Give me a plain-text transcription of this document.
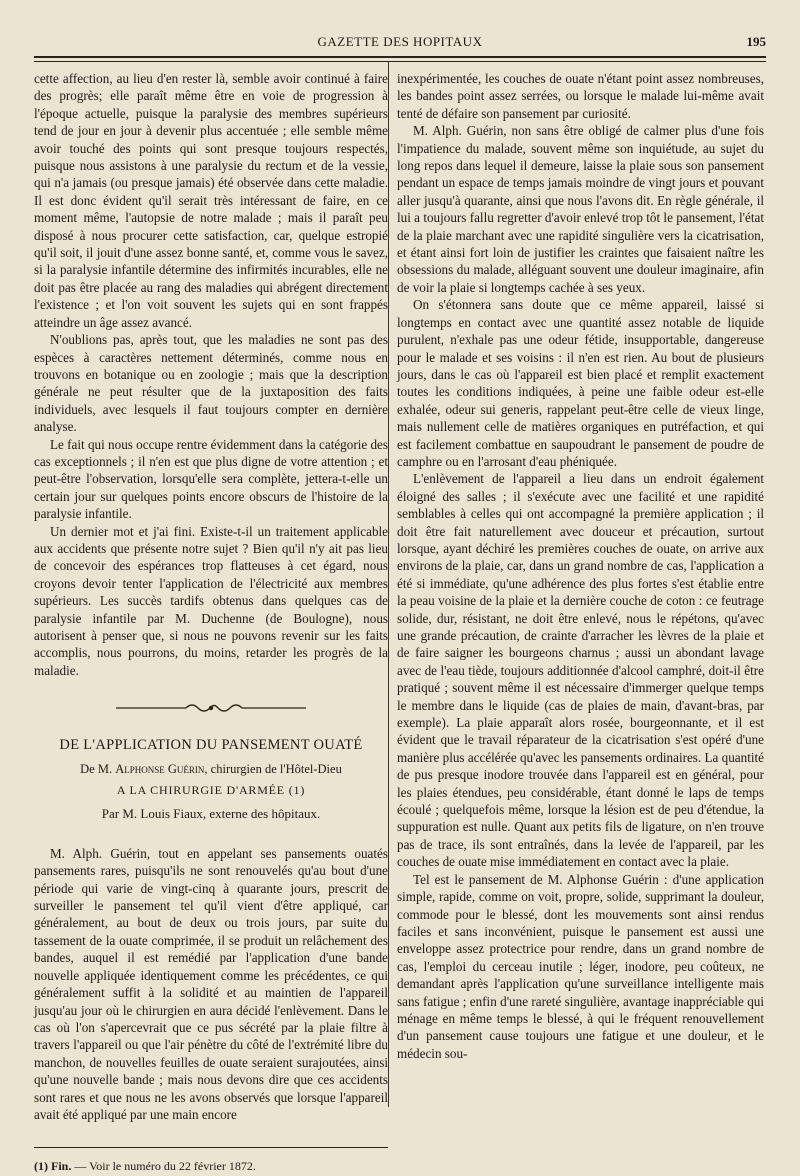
GAZETTE DES HOPITAUX	195

cette affection, au lieu d'en rester là, semble avoir continué à faire des progrès; elle paraît même être en voie de progression à l'époque actuelle, puisque la paralysie des membres supérieurs tend de jour en jour à devenir plus accentuée ; elle semble même avoir touché des points qui sont presque toujours respectés, puisque nous assistons à une paralysie du rectum et de la vessie, qui n'a jamais (ou presque jamais) été observée dans cette maladie. Il est donc évident qu'il serait très intéressant de faire, en ce moment même, l'autopsie de notre malade ; mais il paraît peu disposé à nous procurer cette satisfaction, car, quelque estropié qu'il soit, il jouit d'une assez bonne santé, et, comme vous le savez, si la paralysie infantile détermine des infirmités incurables, elle ne doit pas être placée au rang des maladies qui abrégent directement l'existence ; et l'on voit souvent les sujets qui en sont frappés atteindre un âge assez avancé.

N'oublions pas, après tout, que les maladies ne sont pas des espèces à caractères nettement déterminés, comme nous en trouvons en botanique ou en zoologie ; mais que la description générale ne peut résulter que de la juxtaposition des faits individuels, avec lesquels il faut toujours compter en dernière analyse.

Le fait qui nous occupe rentre évidemment dans la catégorie des cas exceptionnels ; il n'en est que plus digne de votre attention ; et peut-être l'observation, lorsqu'elle sera complète, jettera-t-elle un certain jour sur quelques points encore obscurs de l'histoire de la paralysie infantile.

Un dernier mot et j'ai fini. Existe-t-il un traitement applicable aux accidents que présente notre sujet ? Bien qu'il n'y ait pas lieu de concevoir des espérances trop flatteuses à cet égard, nous croyons devoir tenter l'application de l'électricité aux membres supérieurs. Les succès tardifs obtenus dans quelques cas de paralysie infantile par M. Duchenne (de Boulogne), nous autorisent à penser que, si nous ne pouvons revenir sur les faits accomplis, nous pourrons, du moins, retarder les progrès de la maladie.

DE L'APPLICATION DU PANSEMENT OUATÉ
De M. Alphonse Guérin, chirurgien de l'Hôtel-Dieu
A LA CHIRURGIE D'ARMÉE (1)
Par M. Louis Fiaux, externe des hôpitaux.

M. Alph. Guérin, tout en appelant ses pansements ouatés pansements rares, puisqu'ils ne sont renouvelés qu'au bout d'une période qui varie de vingt-cinq à quarante jours, prescrit de surveiller le pansement tel qu'il vient d'être appliqué, car généralement, au bout de deux ou trois jours, par suite du tassement de la ouate comprimée, il se produit un relâchement des bandes, auquel il est remédié par l'application d'une bande nouvelle appliquée identiquement comme les précédentes, ce qui généralement suffit à la solidité et au maintien de l'appareil jusqu'au jour où le chirurgien en aura décidé l'enlèvement. Dans le cas où l'on s'apercevrait que ce pus sécrété par la plaie filtre à travers l'appareil ou que l'air pénètre du côté de l'extrémité libre du manchon, de nouvelles feuilles de ouate seraient surajoutées, ainsi qu'une nouvelle bande ; mais nous devons dire que ces accidents sont rares et que nous ne les avons observés que lorsque l'appareil avait été appliqué par une main encore

(1) Fin. — Voir le numéro du 22 février 1872.

inexpérimentée, les couches de ouate n'étant point assez nombreuses, les bandes point assez serrées, ou lorsque le malade lui-même avait tenté de défaire son pansement par curiosité.

M. Alph. Guérin, non sans être obligé de calmer plus d'une fois l'impatience du malade, souvent même son inquiétude, au sujet du long repos dans lequel il demeure, laisse la plaie sous son pansement pendant un espace de temps jamais moindre de vingt jours et pouvant aller jusqu'à quarante, ainsi que nous l'avons dit. En règle générale, il lui a toujours fallu regretter d'avoir enlevé trop tôt le pansement, l'état de la plaie marchant avec une rapidité singulière vers la cicatrisation, et étant ainsi fort loin de justifier les craintes que faisaient naître les obsessions du malade, alléguant souvent une douleur imaginaire, afin de voir la plaie si longtemps cachée à ses yeux.

On s'étonnera sans doute que ce même appareil, laissé si longtemps en contact avec une quantité assez notable de liquide purulent, n'exhale pas une odeur fétide, insupportable, dangereuse pour le malade et ses voisins : il n'en est rien. Au bout de plusieurs jours, dans le cas où l'appareil est bien placé et remplit exactement toutes les conditions indiquées, à peine une faible odeur est-elle exhalée, odeur sui generis, rappelant peut-être celle de vieux linge, mais nullement celle de matières organiques en putréfaction, et qui est facilement combattue en saupoudrant le pansement de poudre de camphre ou en l'arrosant d'eau phéniquée.

L'enlèvement de l'appareil a lieu dans un endroit également éloigné des salles ; il s'exécute avec une facilité et une rapidité semblables à celles qui ont accompagné la première application ; il doit être fait naturellement avec douceur et précaution, surtout lorsque, ayant déchiré les premières couches de ouate, on arrive aux environs de la plaie, car, dans un grand nombre de cas, l'application a été si immédiate, qu'une adhérence des plus fortes s'est établie entre la peau voisine de la plaie et la dernière couche de coton : ce feutrage solide, dur, résistant, ne doit être enlevé, nous le répétons, qu'avec une grande précaution, de crainte d'arracher les lèvres de la plaie et de faire saigner les bourgeons charnus ; aussi un abondant lavage avec de l'eau tiède, toujours additionnée d'alcool camphré, doit-il être pratiqué ; souvent même il est nécessaire d'immerger quelque temps le membre dans le liquide (cas de plaies de main, d'avant-bras, par exemple). La plaie apparaît alors rosée, bourgeonnante, et il est évident que le travail réparateur de la cicatrisation s'est opéré d'une manière plus accélérée qu'avec les pansements ordinaires. La quantité de pus presque inodore trouvée dans l'appareil est en général, pour les plaies étendues, peu considérable, étant donné le laps de temps écoulé ; quelquefois même, lorsque la lésion est de peu d'étendue, la suppuration est nulle. Quant aux petits fils de ligature, on n'en trouve pas de trace, ils sont entraînés, dans la levée de l'appareil, par les couches de ouate mise immédiatement en contact avec la plaie.

Tel est le pansement de M. Alphonse Guérin : d'une application simple, rapide, comme on voit, propre, solide, supprimant la douleur, commode pour le blessé, dont les mouvements sont ainsi rendus faciles et sans inconvénient, puisque le pansement est aussi une enveloppe assez protectrice pour rendre, dans un grand nombre de cas, l'emploi du cerceau inutile ; léger, inodore, peu coûteux, ne demandant après l'application qu'une surveillance intelligente mais sans fatigue ; enfin d'une rareté singulière, avantage inappréciable qui ménage en même temps le blessé, à qui le fréquent renouvellement d'un pansement cause toujours une fatigue et une douleur, et le médecin sou-
